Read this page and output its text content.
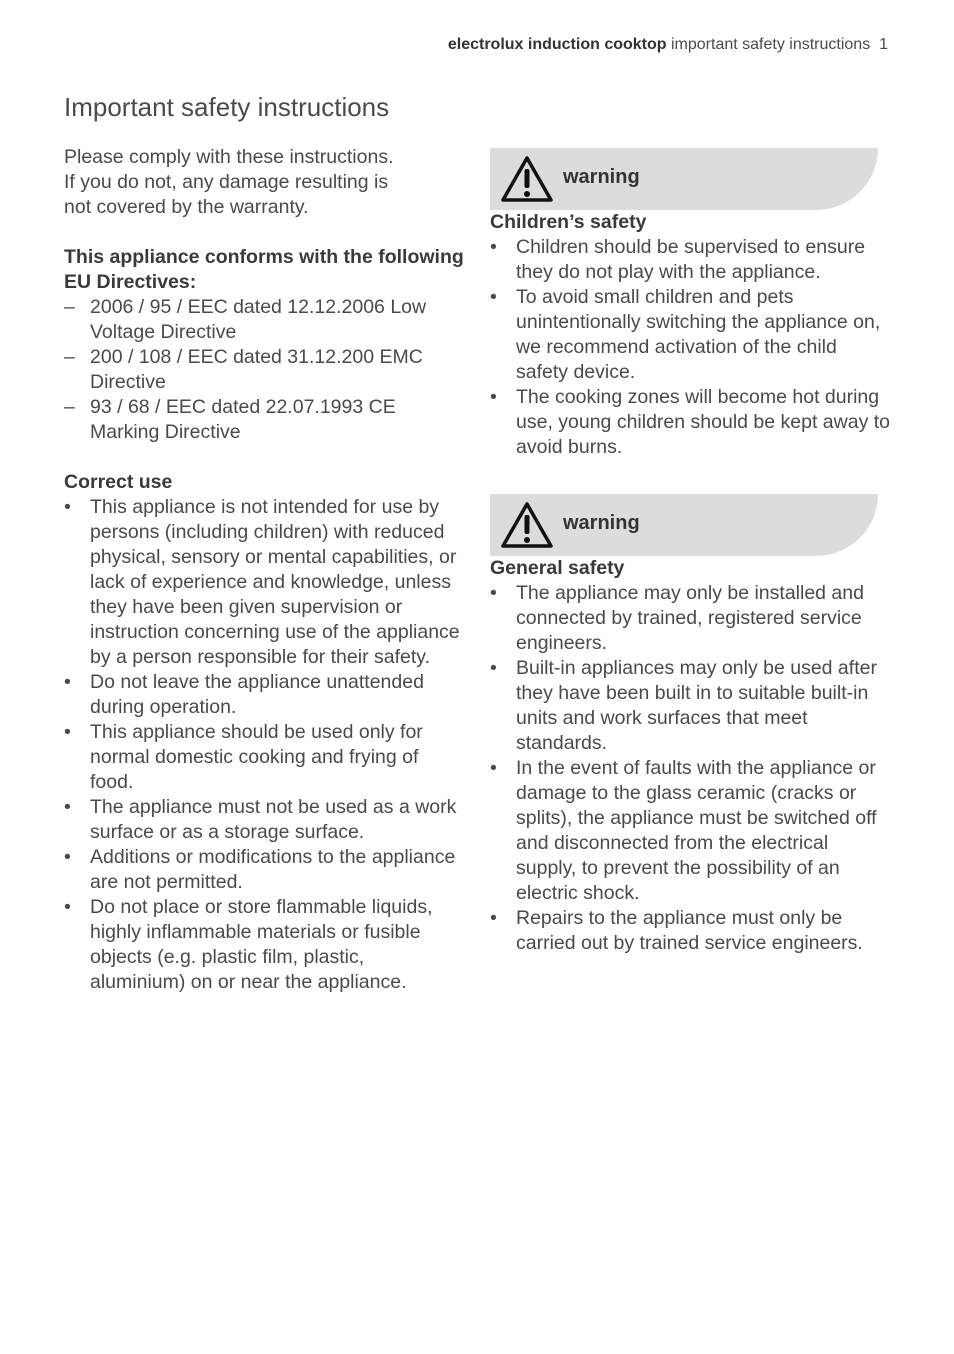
electrolux induction cooktop important safety instructions 1
Important safety instructions

Please comply with these instructions.

If you do not, any damage resulting is

not covered by the warranty.

This appliance conforms with the following EU Directives:

– 2006 / 95 / EEC dated 12.12.2006 Low Voltage Directive
– 200 / 108 / EEC dated 31.12.200 EMC Directive
– 93 / 68 / EEC dated 22.07.1993 CE Marking Directive

Correct use

• This appliance is not intended for use by persons (including children) with reduced physical, sensory or mental capabilities, or lack of experience and knowledge, unless they have been given supervision or instruction concerning use of the appliance by a person responsible for their safety.
• Do not leave the appliance unattended during operation.
• This appliance should be used only for normal domestic cooking and frying of food.
• The appliance must not be used as a work surface or as a storage surface.
• Additions or modifications to the appliance are not permitted.
• Do not place or store flammable liquids, highly inflammable materials or fusible objects (e.g. plastic film, plastic, aluminium) on or near the appliance.
warning

Children’s safety

• Children should be supervised to ensure they do not play with the appliance.
• To avoid small children and pets unintentionally switching the appliance on, we recommend activation of the child safety device.
• The cooking zones will become hot during use, young children should be kept away to avoid burns.
warning

General safety

• The appliance may only be installed and connected by trained, registered service engineers.
• Built-in appliances may only be used after they have been built in to suitable built-in units and work surfaces that meet standards.
• In the event of faults with the appliance or damage to the glass ceramic (cracks or splits), the appliance must be switched off and disconnected from the electrical supply, to prevent the possibility of an electric shock.
• Repairs to the appliance must only be carried out by trained service engineers.
